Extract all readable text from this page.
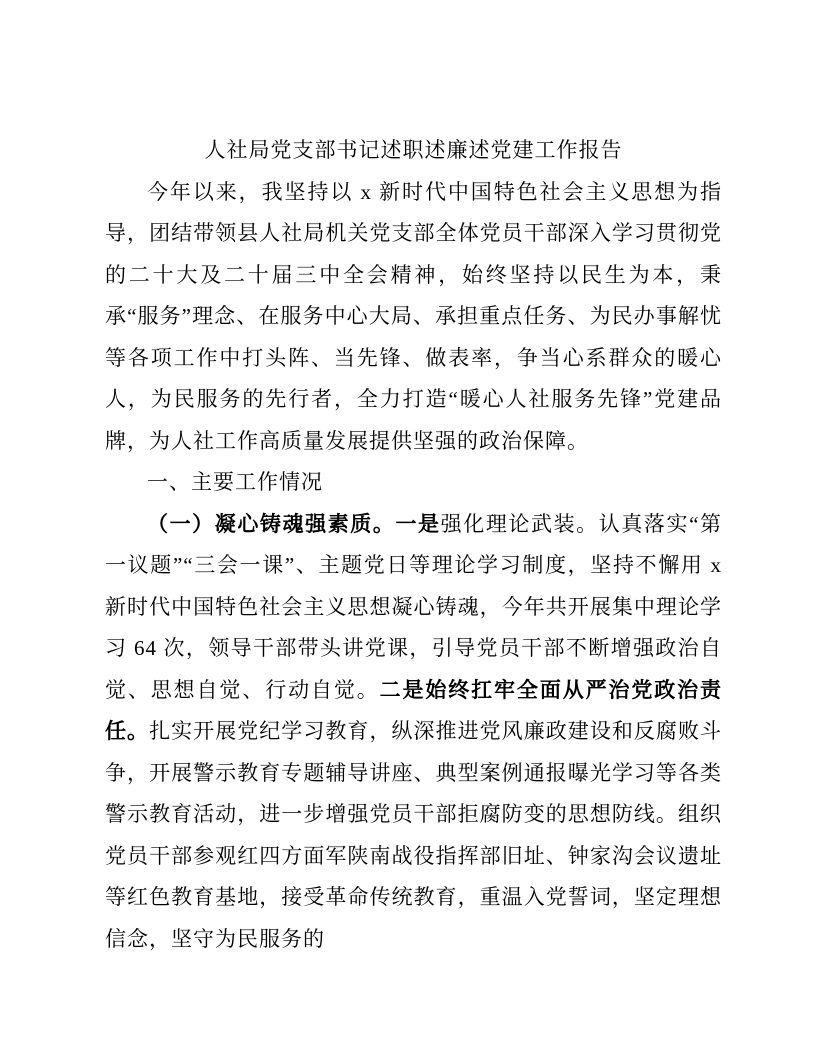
人社局党支部书记述职述廉述党建工作报告

今年以来，我坚持以 x 新时代中国特色社会主义思想为指导，团结带领县人社局机关党支部全体党员干部深入学习贯彻党的二十大及二十届三中全会精神，始终坚持以民生为本，秉承“服务”理念、在服务中心大局、承担重点任务、为民办事解忧等各项工作中打头阵、当先锋、做表率，争当心系群众的暖心人，为民服务的先行者，全力打造“暖心人社服务先锋”党建品牌，为人社工作高质量发展提供坚强的政治保障。

一、主要工作情况

（一）凝心铸魂强素质。一是强化理论武装。认真落实“第一议题”“三会一课”、主题党日等理论学习制度，坚持不懈用 x 新时代中国特色社会主义思想凝心铸魂，今年共开展集中理论学习 64 次，领导干部带头讲党课，引导党员干部不断增强政治自觉、思想自觉、行动自觉。二是始终扛牢全面从严治党政治责任。扎实开展党纪学习教育，纵深推进党风廉政建设和反腐败斗争，开展警示教育专题辅导讲座、典型案例通报曝光学习等各类警示教育活动，进一步增强党员干部拒腐防变的思想防线。组织党员干部参观红四方面军陕南战役指挥部旧址、钟家沟会议遗址等红色教育基地，接受革命传统教育，重温入党誓词，坚定理想信念，坚守为民服务的
